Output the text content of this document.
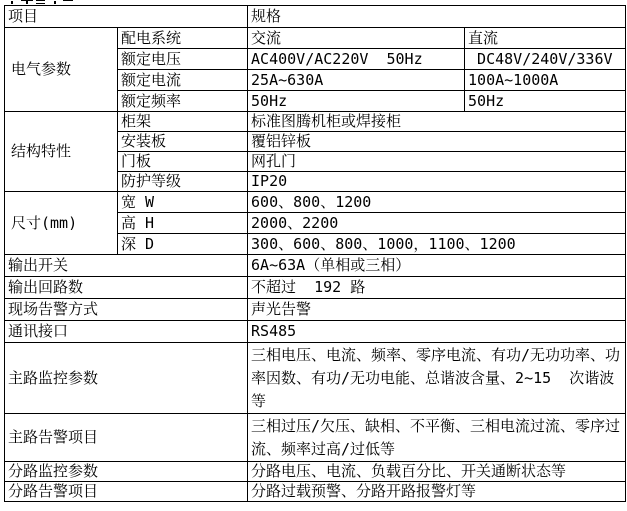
项目		规格	
电气参数	配电系统	交流	直流
	额定电压	AC400V/AC220V  50Hz	DC48V/240V/336V
	额定电流	25A~630A	100A~1000A
	额定频率	50Hz	50Hz
结构特性	柜架	标准图腾机柜或焊接柜	
	安装板	覆铝锌板	
	门板	网孔门	
	防护等级	IP20	
尺寸(mm)	宽 W	600、800、1200	
	高 H	2000、2200	
	深 D	300、600、800、1000，1100、1200	
输出开关		6A~63A（单相或三相）	
输出回路数		不超过  192 路	
现场告警方式		声光告警	
通讯接口		RS485	
主路监控参数		三相电压、电流、频率、零序电流、有功/无功功率、功率因数、有功/无功电能、总谐波含量、2~15  次谐波等	
主路告警项目		三相过压/欠压、缺相、不平衡、三相电流过流、零序过流、频率过高/过低等	
分路监控参数		分路电压、电流、负载百分比、开关通断状态等	
分路告警项目		分路过载预警、分路开路报警灯等	
